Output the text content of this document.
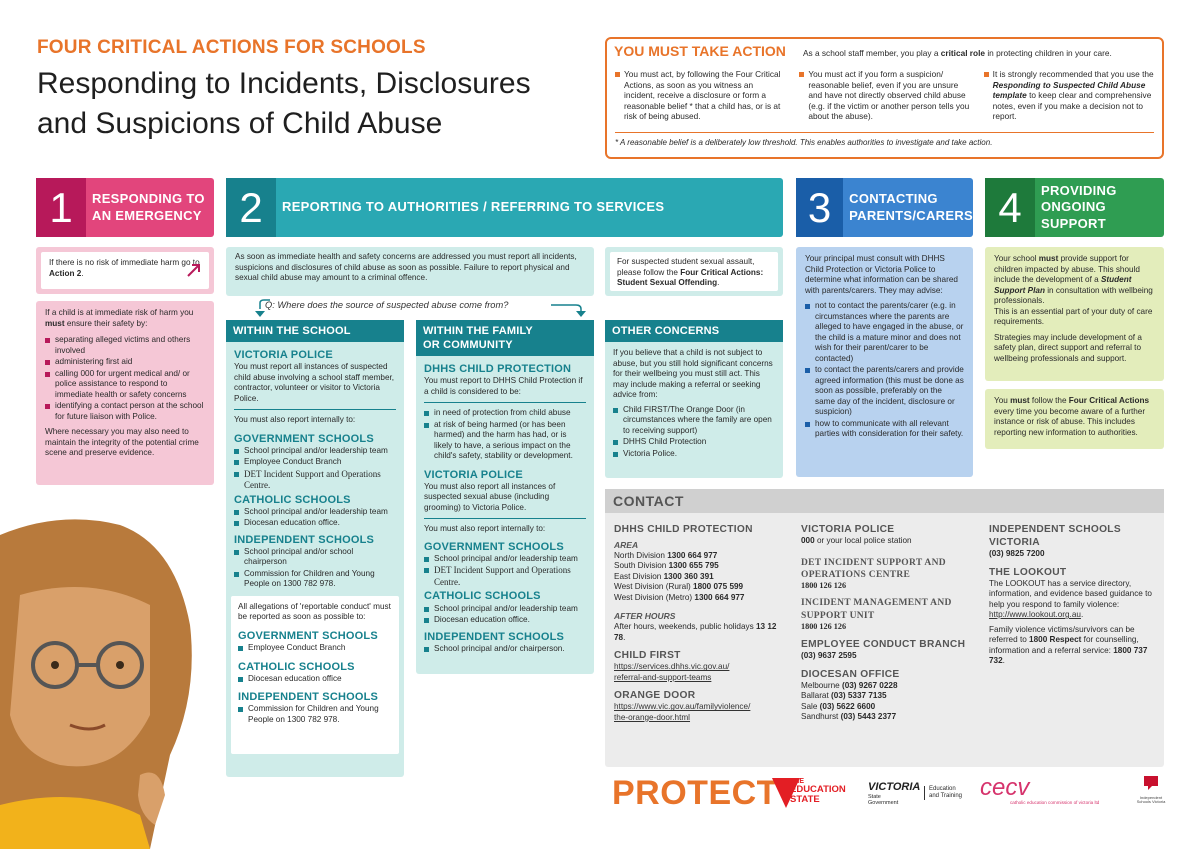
FOUR CRITICAL ACTIONS FOR SCHOOLS
Responding to Incidents, Disclosures
and Suspicions of Child Abuse
YOU MUST TAKE ACTION	As a school staff member, you play a critical role in protecting children in your care.
You must act, by following the Four Critical Actions, as soon as you witness an incident, receive a disclosure or form a reasonable belief * that a child has, or is at risk of being abused.
You must act if you form a suspicion/ reasonable belief, even if you are unsure and have not directly observed child abuse (e.g. if the victim or another person tells you about the abuse).
It is strongly recommended that you use the Responding to Suspected Child Abuse template to keep clear and comprehensive notes, even if you make a decision not to report.
* A reasonable belief is a deliberately low threshold. This enables authorities to investigate and take action.
1	RESPONDING TO
AN EMERGENCY 2	REPORTING TO AUTHORITIES / REFERRING TO SERVICES	3	CONTACTING
PARENTS/CARERS 4	PROVIDING
ONGOING
SUPPORT
If there is no risk of immediate harm go to Action 2.
If a child is at immediate risk of harm you must ensure their safety by:
separating alleged victims and others involved
administering first aid
calling 000 for urgent medical and/ or police assistance to respond to immediate health or safety concerns
identifying a contact person at the school for future liaison with Police.
Where necessary you may also need to maintain the integrity of the potential crime scene and preserve evidence.
As soon as immediate health and safety concerns are addressed you must report all incidents, suspicions and disclosures of child abuse as soon as possible. Failure to report physical and sexual child abuse may amount to a criminal offence.
For suspected student sexual assault, please follow the Four Critical Actions: Student Sexual Offending.
Q: Where does the source of suspected abuse come from?
WITHIN THE SCHOOL
VICTORIA POLICE
You must report all instances of suspected child abuse involving a school staff member, contractor, volunteer or visitor to Victoria Police.
You must also report internally to:
GOVERNMENT SCHOOLS
School principal and/or leadership team
Employee Conduct Branch
DET Incident Support and Operations Centre.
CATHOLIC SCHOOLS
School principal and/or leadership team
Diocesan education office.
INDEPENDENT SCHOOLS
School principal and/or school chairperson
Commission for Children and Young People on 1300 782 978.
All allegations of 'reportable conduct' must be reported as soon as possible to:
GOVERNMENT SCHOOLS
Employee Conduct Branch
CATHOLIC SCHOOLS
Diocesan education office
INDEPENDENT SCHOOLS
Commission for Children and Young People on 1300 782 978.
WITHIN THE FAMILY
OR COMMUNITY
DHHS CHILD PROTECTION
You must report to DHHS Child Protection if a child is considered to be:
in need of protection from child abuse
at risk of being harmed (or has been harmed) and the harm has had, or is likely to have, a serious impact on the child's safety, stability or development.
VICTORIA POLICE
You must also report all instances of suspected sexual abuse (including grooming) to Victoria Police.
You must also report internally to:
GOVERNMENT SCHOOLS
School principal and/or leadership team
DET Incident Support and Operations Centre.
CATHOLIC SCHOOLS
School principal and/or leadership team
Diocesan education office.
INDEPENDENT SCHOOLS
School principal and/or chairperson.
OTHER CONCERNS
If you believe that a child is not subject to abuse, but you still hold significant concerns for their wellbeing you must still act. This may include making a referral or seeking advice from:
Child FIRST/The Orange Door (in circumstances where the family are open to receiving support)
DHHS Child Protection
Victoria Police.
Your principal must consult with DHHS Child Protection or Victoria Police to determine what information can be shared with parents/carers. They may advise:
not to contact the parents/carer (e.g. in circumstances where the parents are alleged to have engaged in the abuse, or the child is a mature minor and does not wish for their parent/carer to be contacted)
to contact the parents/carers and provide agreed information (this must be done as soon as possible, preferably on the same day of the incident, disclosure or suspicion)
how to communicate with all relevant parties with consideration for their safety.
Your school must provide support for children impacted by abuse. This should include the development of a Student Support Plan in consultation with wellbeing professionals.
This is an essential part of your duty of care requirements.
Strategies may include development of a safety plan, direct support and referral to wellbeing professionals and support.
You must follow the Four Critical Actions every time you become aware of a further instance or risk of abuse. This includes reporting new information to authorities.
CONTACT
DHHS CHILD PROTECTION
AREA
North Division 1300 664 977
South Division 1300 655 795
East Division 1300 360 391
West Division (Rural) 1800 075 599
West Division (Metro) 1300 664 977
AFTER HOURS
After hours, weekends, public holidays 13 12 78.
CHILD FIRST
https://services.dhhs.vic.gov.au/
referral-and-support-teams
ORANGE DOOR
https://www.vic.gov.au/familyviolence/
the-orange-door.html
VICTORIA POLICE
000 or your local police station
DET INCIDENT SUPPORT AND OPERATIONS CENTRE
1800 126 126
INCIDENT MANAGEMENT AND SUPPORT UNIT
1800 126 126
EMPLOYEE CONDUCT BRANCH
(03) 9637 2595
DIOCESAN OFFICE
Melbourne (03) 9267 0228
Ballarat (03) 5337 7135
Sale (03) 5622 6600
Sandhurst (03) 5443 2377
INDEPENDENT SCHOOLS VICTORIA
(03) 9825 7200
THE LOOKOUT
The LOOKOUT has a service directory, information, and evidence based guidance to help you respond to family violence: http://www.lookout.org.au.
Family violence victims/survivors can be referred to 1800 Respect for counselling, information and a referral service: 1800 737 732.
PROTECT THE
EDUCATION
STATE
VICTORIA
State
Government
Education
and Training cecv
catholic education commission of victoria ltd
Independent
Schools Victoria
